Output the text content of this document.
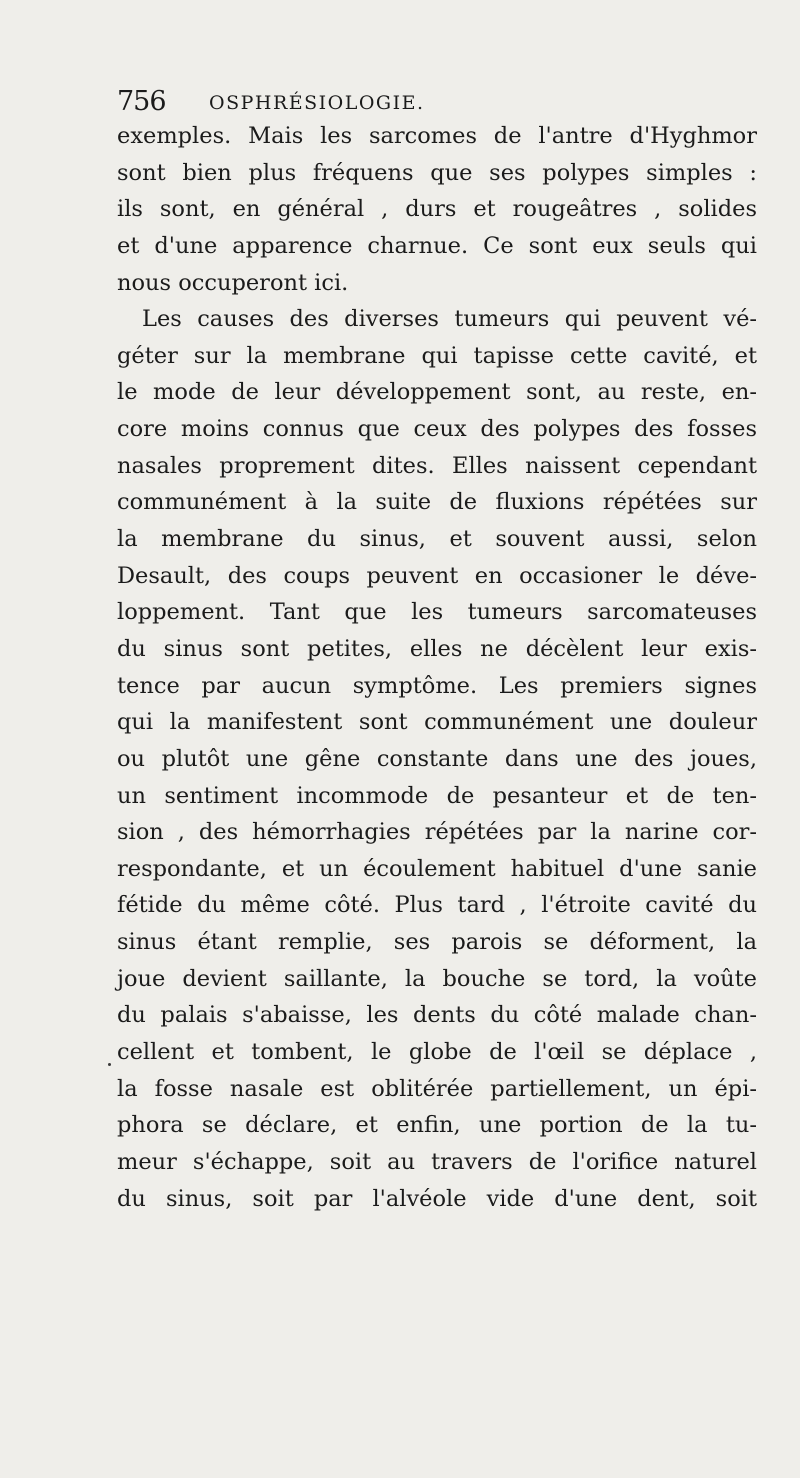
756 OSPHRÉSIOLOGIE.
exemples. Mais les sarcomes de l'antre d'Hyghmor
sont bien plus fréquens que ses polypes simples :
ils sont, en général , durs et rougeâtres , solides
et d'une apparence charnue. Ce sont eux seuls qui
nous occuperont ici.
Les causes des diverses tumeurs qui peuvent vé-
géter sur la membrane qui tapisse cette cavité, et
le mode de leur développement sont, au reste, en-
core moins connus que ceux des polypes des fosses
nasales proprement dites. Elles naissent cependant
communément à la suite de fluxions répétées sur
la membrane du sinus, et souvent aussi, selon
Desault, des coups peuvent en occasioner le déve-
loppement. Tant que les tumeurs sarcomateuses
du sinus sont petites, elles ne décèlent leur exis-
tence par aucun symptôme. Les premiers signes
qui la manifestent sont communément une douleur
ou plutôt une gêne constante dans une des joues,
un sentiment incommode de pesanteur et de ten-
sion , des hémorrhagies répétées par la narine cor-
respondante, et un écoulement habituel d'une sanie
fétide du même côté. Plus tard , l'étroite cavité du
sinus étant remplie, ses parois se déforment, la
joue devient saillante, la bouche se tord, la voûte
du palais s'abaisse, les dents du côté malade chan-
cellent et tombent, le globe de l'œil se déplace ,
la fosse nasale est oblitérée partiellement, un épi-
phora se déclare, et enfin, une portion de la tu-
meur s'échappe, soit au travers de l'orifice naturel
du sinus, soit par l'alvéole vide d'une dent, soit
